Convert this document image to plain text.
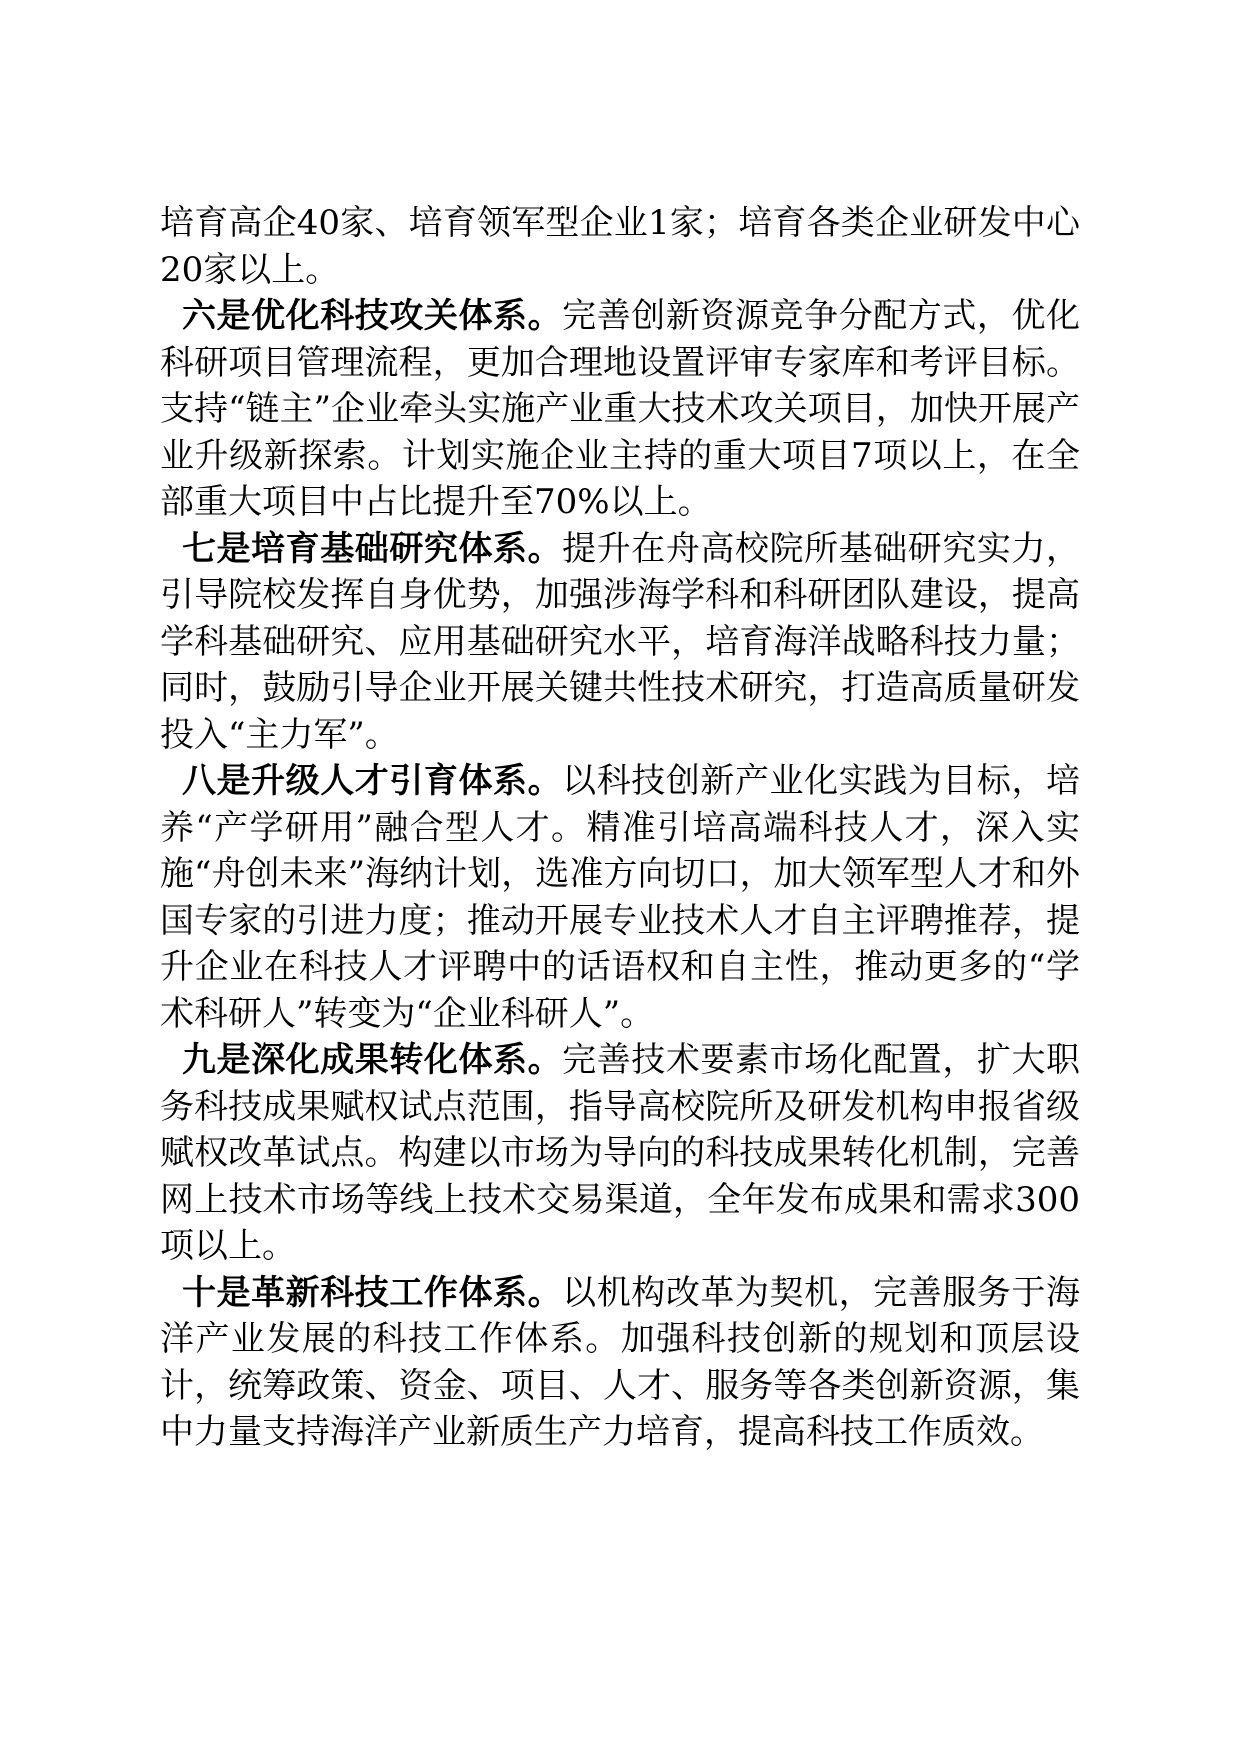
培育高企40家、培育领军型企业1家；培育各类企业研发中心20家以上。

六是优化科技攻关体系。完善创新资源竞争分配方式，优化科研项目管理流程，更加合理地设置评审专家库和考评目标。支持“链主”企业牵头实施产业重大技术攻关项目，加快开展产业升级新探索。计划实施企业主持的重大项目7项以上，在全部重大项目中占比提升至70%以上。

七是培育基础研究体系。提升在舟高校院所基础研究实力，引导院校发挥自身优势，加强涉海学科和科研团队建设，提高学科基础研究、应用基础研究水平，培育海洋战略科技力量；同时，鼓励引导企业开展关键共性技术研究，打造高质量研发投入“主力军”。

八是升级人才引育体系。以科技创新产业化实践为目标，培养“产学研用”融合型人才。精准引培高端科技人才，深入实施“舟创未来”海纳计划，选准方向切口，加大领军型人才和外国专家的引进力度；推动开展专业技术人才自主评聘推荐，提升企业在科技人才评聘中的话语权和自主性，推动更多的“学术科研人”转变为“企业科研人”。

九是深化成果转化体系。完善技术要素市场化配置，扩大职务科技成果赋权试点范围，指导高校院所及研发机构申报省级赋权改革试点。构建以市场为导向的科技成果转化机制，完善网上技术市场等线上技术交易渠道，全年发布成果和需求300项以上。

十是革新科技工作体系。以机构改革为契机，完善服务于海洋产业发展的科技工作体系。加强科技创新的规划和顶层设计，统筹政策、资金、项目、人才、服务等各类创新资源，集中力量支持海洋产业新质生产力培育，提高科技工作质效。
